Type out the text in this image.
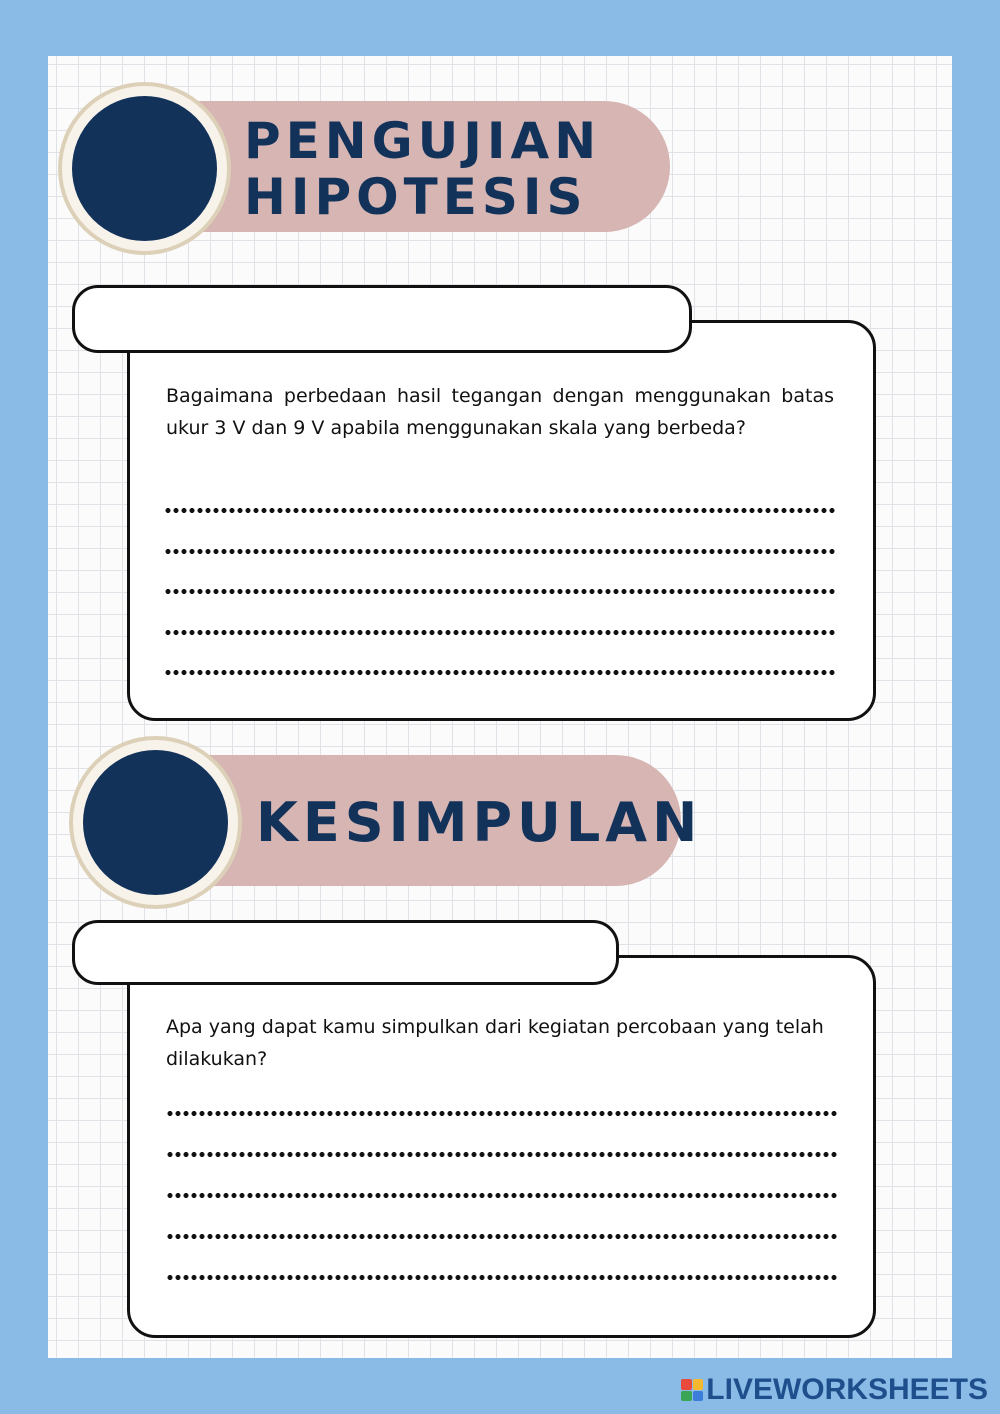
PENGUJIAN
HIPOTESIS

Bagaimana perbedaan hasil tegangan dengan menggunakan batas ukur 3 V dan 9 V apabila menggunakan skala yang berbeda?

KESIMPULAN

Apa yang dapat kamu simpulkan dari kegiatan percobaan yang telah dilakukan?

LIVEWORKSHEETS
